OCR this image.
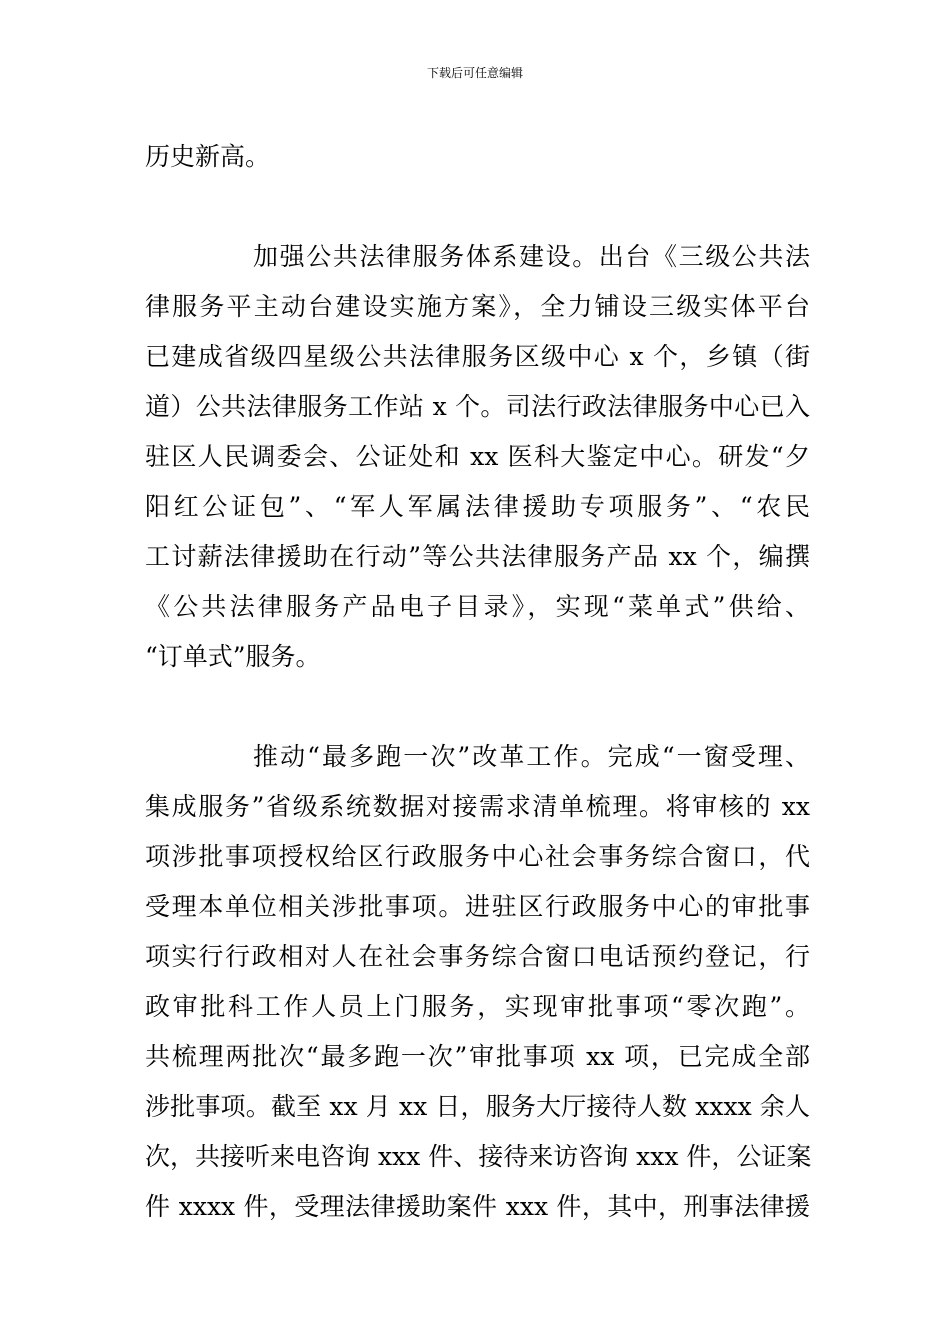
下载后可任意编辑
历史新高。
加强公共法律服务体系建设。出台《三级公共法
律服务平主动台建设实施方案》，全力铺设三级实体平台
已建成省级四星级公共法律服务区级中心 x 个，乡镇（街
道）公共法律服务工作站 x 个。司法行政法律服务中心已入
驻区人民调委会、公证处和 xx 医科大鉴定中心。研发“夕
阳红公证包”、“军人军属法律援助专项服务”、“农民
工讨薪法律援助在行动”等公共法律服务产品 xx 个，编撰
《公共法律服务产品电子目录》，实现“菜单式”供给、
“订单式”服务。
推动“最多跑一次”改革工作。完成“一窗受理、
集成服务”省级系统数据对接需求清单梳理。将审核的 xx
项涉批事项授权给区行政服务中心社会事务综合窗口，代
受理本单位相关涉批事项。进驻区行政服务中心的审批事
项实行行政相对人在社会事务综合窗口电话预约登记，行
政审批科工作人员上门服务，实现审批事项“零次跑”。
共梳理两批次“最多跑一次”审批事项 xx 项，已完成全部
涉批事项。截至 xx 月 xx 日，服务大厅接待人数 xxxx 余人
次，共接听来电咨询 xxx 件、接待来访咨询 xxx 件，公证案
件 xxxx 件，受理法律援助案件 xxx 件，其中，刑事法律援
